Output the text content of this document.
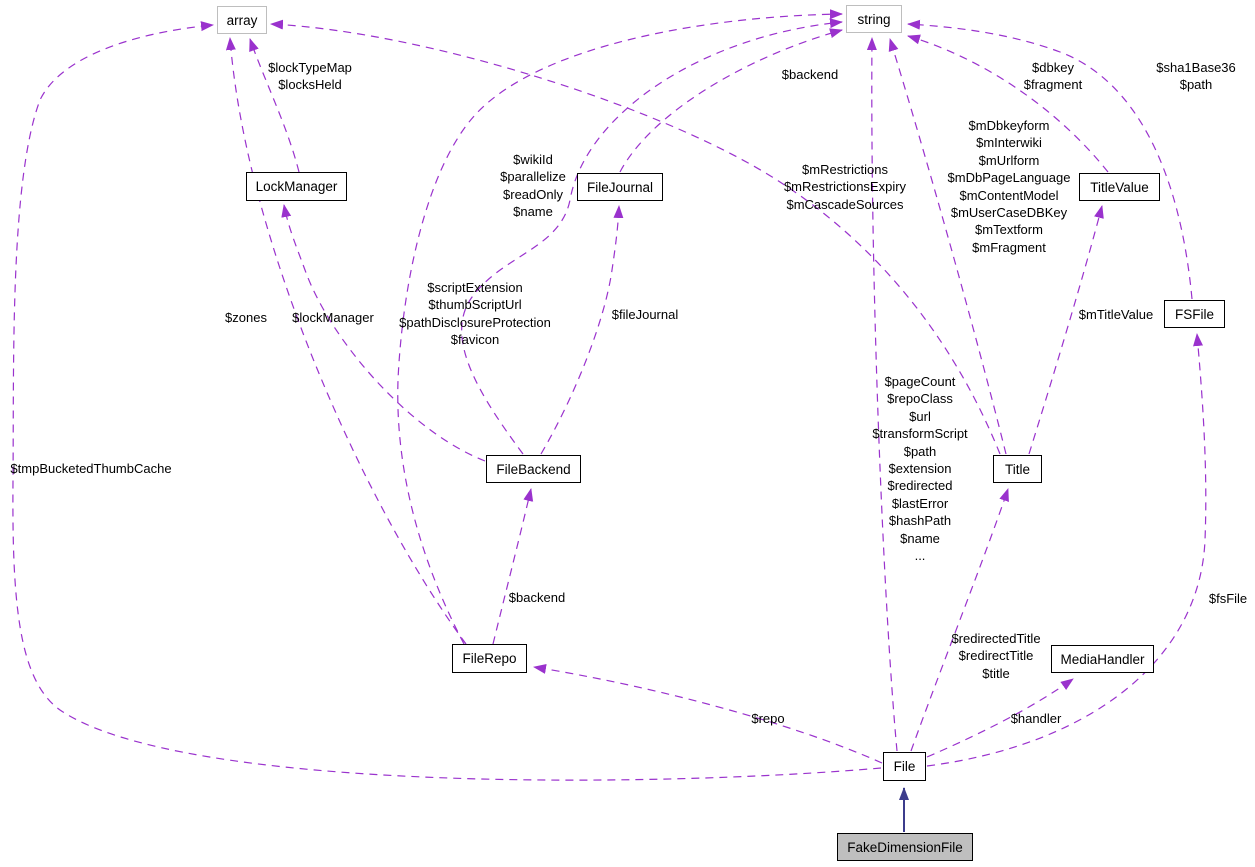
array	string
LockManager	FileJournal	TitleValue
FSFile
FileBackend	Title
FileRepo	MediaHandler
File
FakeDimensionFile
$lockTypeMap
$locksHeld
$zones $lockManager
$tmpBucketedThumbCache
$backend
$wikiId
$parallelize
$readOnly
$name
$scriptExtension
$thumbScriptUrl
$pathDisclosureProtection
$favicon
$fileJournal
$backend
$mRestrictions
$mRestrictionsExpiry
$mCascadeSources
$pageCount
$repoClass
$url
$transformScript
$path
$extension
$redirected
$lastError
$hashPath
$name
...
$mDbkeyform
$mInterwiki
$mUrlform
$mDbPageLanguage
$mContentModel
$mUserCaseDBKey
$mTextform
$mFragment
$dbkey
$fragment
$sha1Base36
$path
$mTitleValue
$redirectedTitle
$redirectTitle
$title
$repo	$handler
$fsFile
